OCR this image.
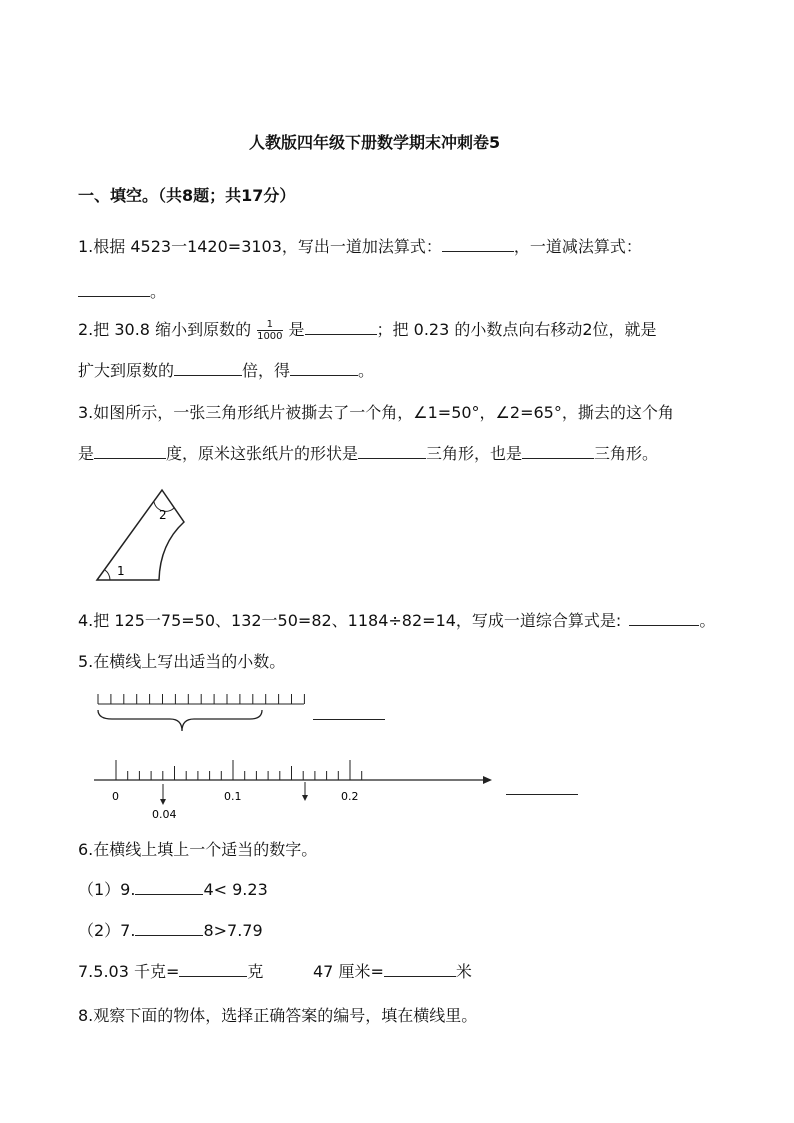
人教版四年级下册数学期末冲刺卷5
一、填空。（共8题；共17分）
1.根据 4523一1420=3103，写出一道加法算式：	，一道减法算式：
。
2.把 30.8 缩小到原数的 $\frac{1}{1000}$ 是	；把 0.23 的小数点向右移动2位，就是
扩大到原数的	倍，得	。
3.如图所示，一张三角形纸片被撕去了一个角，∠1=50°，∠2=65°，撕去的这个角
是	度，原米这张纸片的形状是	三角形，也是	三角形。
1
2
4.把 125一75=50、132一50=82、1184÷82=14，写成一道综合算式是:	。
5.在横线上写出适当的小数。
0	0.1	0.2
0.04
6.在横线上填上一个适当的数字。
（1）9.	4< 9.23
（2）7.	8>7.79
7.5.03 千克=	克	47 厘米=	米
8.观察下面的物体，选择正确答案的编号，填在横线里。
